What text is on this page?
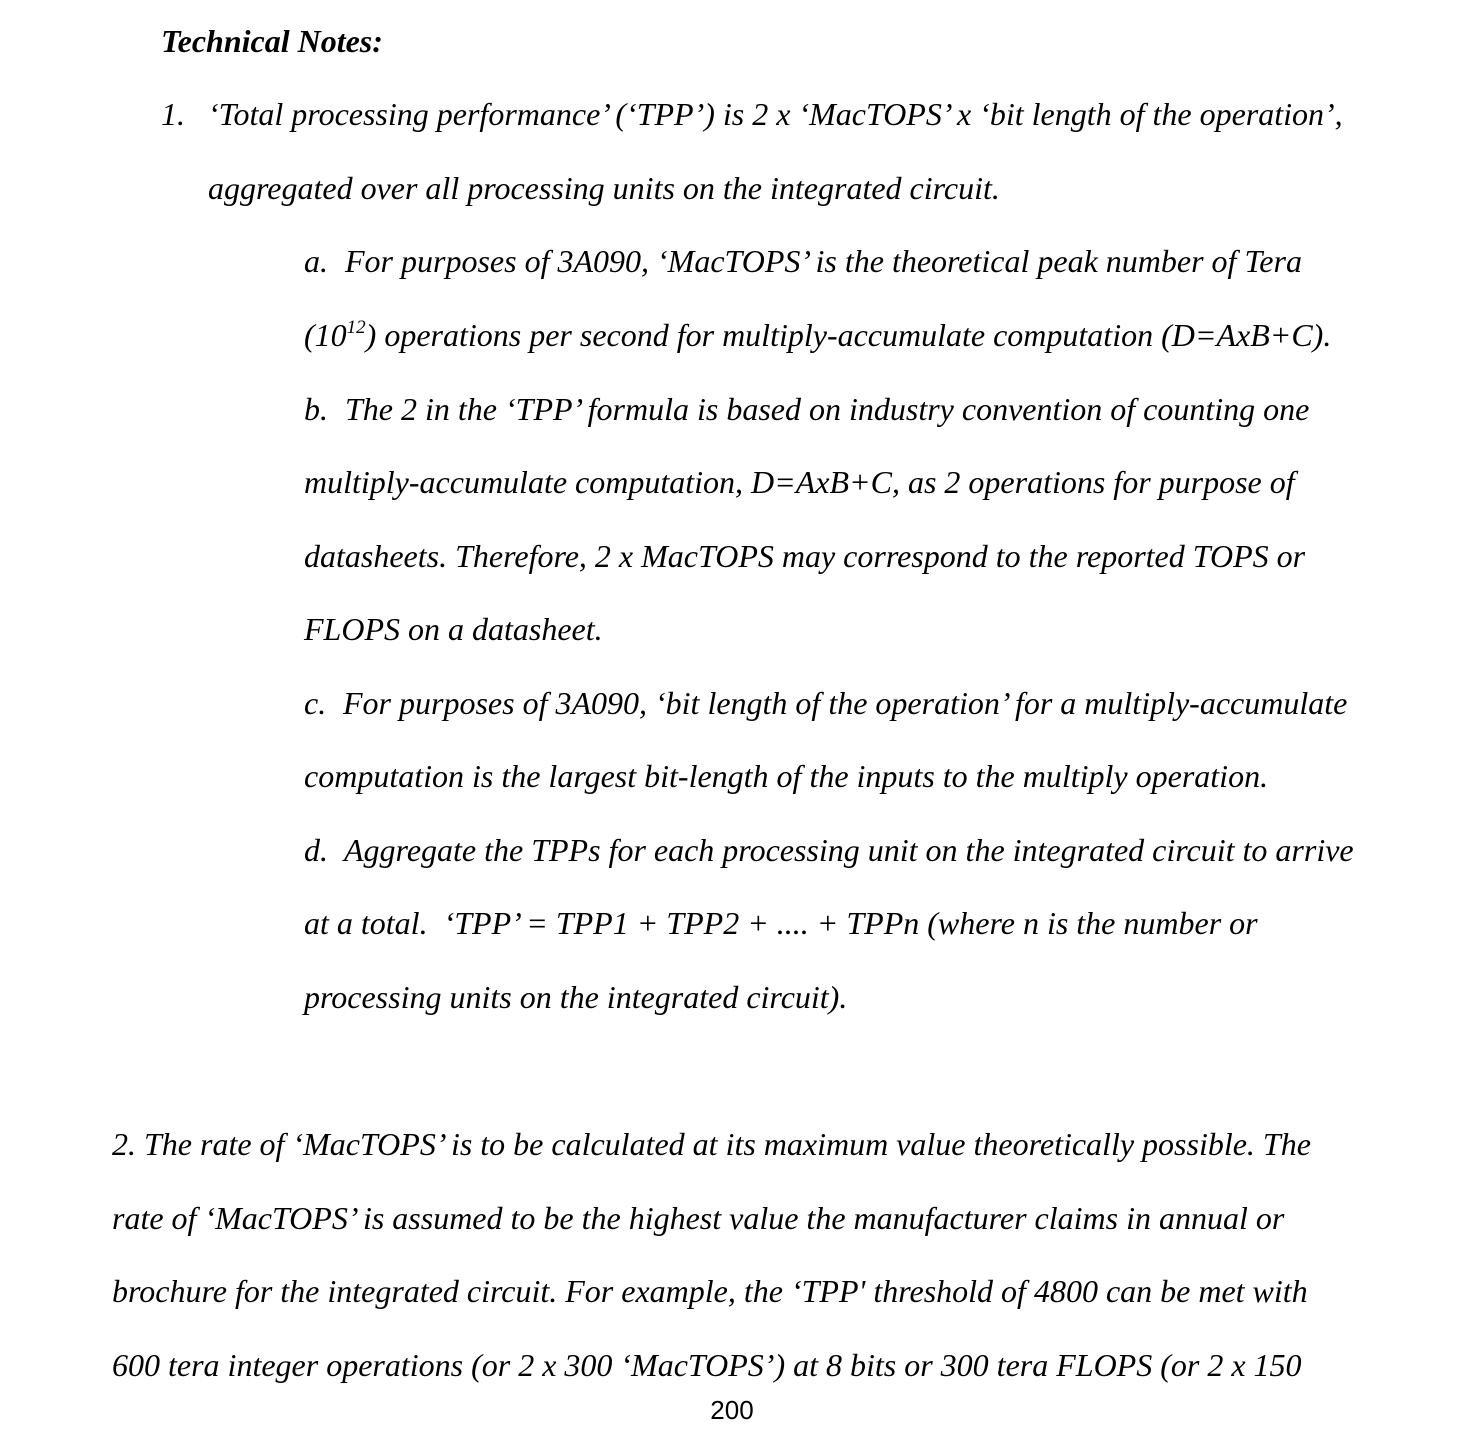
Technical Notes:
1. ‘Total processing performance’ (‘TPP’) is 2 x ‘MacTOPS’ x ‘bit length of the operation’,
aggregated over all processing units on the integrated circuit.
a. For purposes of 3A090, ‘MacTOPS’ is the theoretical peak number of Tera
$(10^{12})$ operations per second for multiply-accumulate computation (D=AxB+C).
b. The 2 in the ‘TPP’ formula is based on industry convention of counting one
multiply-accumulate computation, D=AxB+C, as 2 operations for purpose of
datasheets. Therefore, 2 x MacTOPS may correspond to the reported TOPS or
FLOPS on a datasheet.
c. For purposes of 3A090, ‘bit length of the operation’ for a multiply-accumulate
computation is the largest bit-length of the inputs to the multiply operation.
d. Aggregate the TPPs for each processing unit on the integrated circuit to arrive
at a total.  ‘TPP’ = TPP1 + TPP2 + .... + TPPn (where n is the number or
processing units on the integrated circuit).
2. The rate of ‘MacTOPS’ is to be calculated at its maximum value theoretically possible. The
rate of ‘MacTOPS’ is assumed to be the highest value the manufacturer claims in annual or
brochure for the integrated circuit. For example, the ‘TPP' threshold of 4800 can be met with
600 tera integer operations (or 2 x 300 ‘MacTOPS’) at 8 bits or 300 tera FLOPS (or 2 x 150
200
